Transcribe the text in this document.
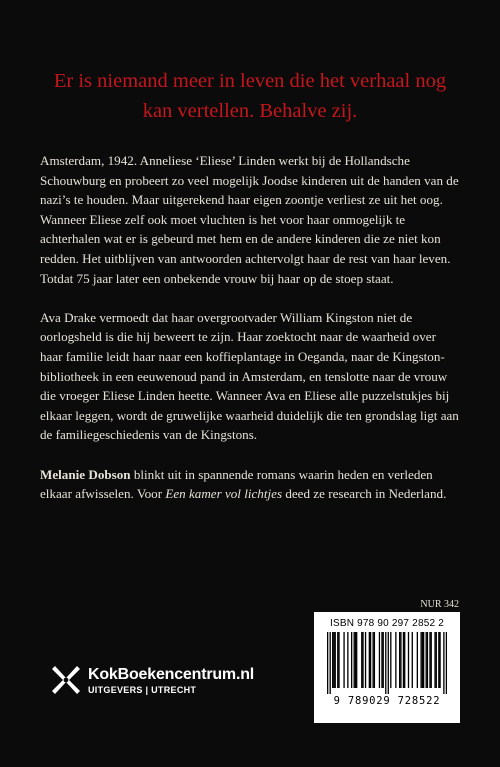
Er is niemand meer in leven die het verhaal nog kan vertellen. Behalve zij.

Amsterdam, 1942. Anneliese ‘Eliese’ Linden werkt bij de Hollandsche Schouwburg en probeert zo veel mogelijk Joodse kinderen uit de handen van de nazi’s te houden. Maar uitgerekend haar eigen zoontje verliest ze uit het oog. Wanneer Eliese zelf ook moet vluchten is het voor haar onmogelijk te achterhalen wat er is gebeurd met hem en de andere kinderen die ze niet kon redden. Het uitblijven van antwoorden achtervolgt haar de rest van haar leven. Totdat 75 jaar later een onbekende vrouw bij haar op de stoep staat.

Ava Drake vermoedt dat haar overgrootvader William Kingston niet de oorlogsheld is die hij beweert te zijn. Haar zoektocht naar de waarheid over haar familie leidt haar naar een koffieplantage in Oeganda, naar de Kingston-bibliotheek in een eeuwenoud pand in Amsterdam, en tenslotte naar de vrouw die vroeger Eliese Linden heette. Wanneer Ava en Eliese alle puzzelstukjes bij elkaar leggen, wordt de gruwelijke waarheid duidelijk die ten grondslag ligt aan de familiegeschiedenis van de Kingstons.

Melanie Dobson blinkt uit in spannende romans waarin heden en verleden elkaar afwisselen. Voor Een kamer vol lichtjes deed ze research in Nederland.

NUR 342
ISBN 978 90 297 2852 2
9 789029 728522
KokBoekencentrum.nl
UITGEVERS | UTRECHT
